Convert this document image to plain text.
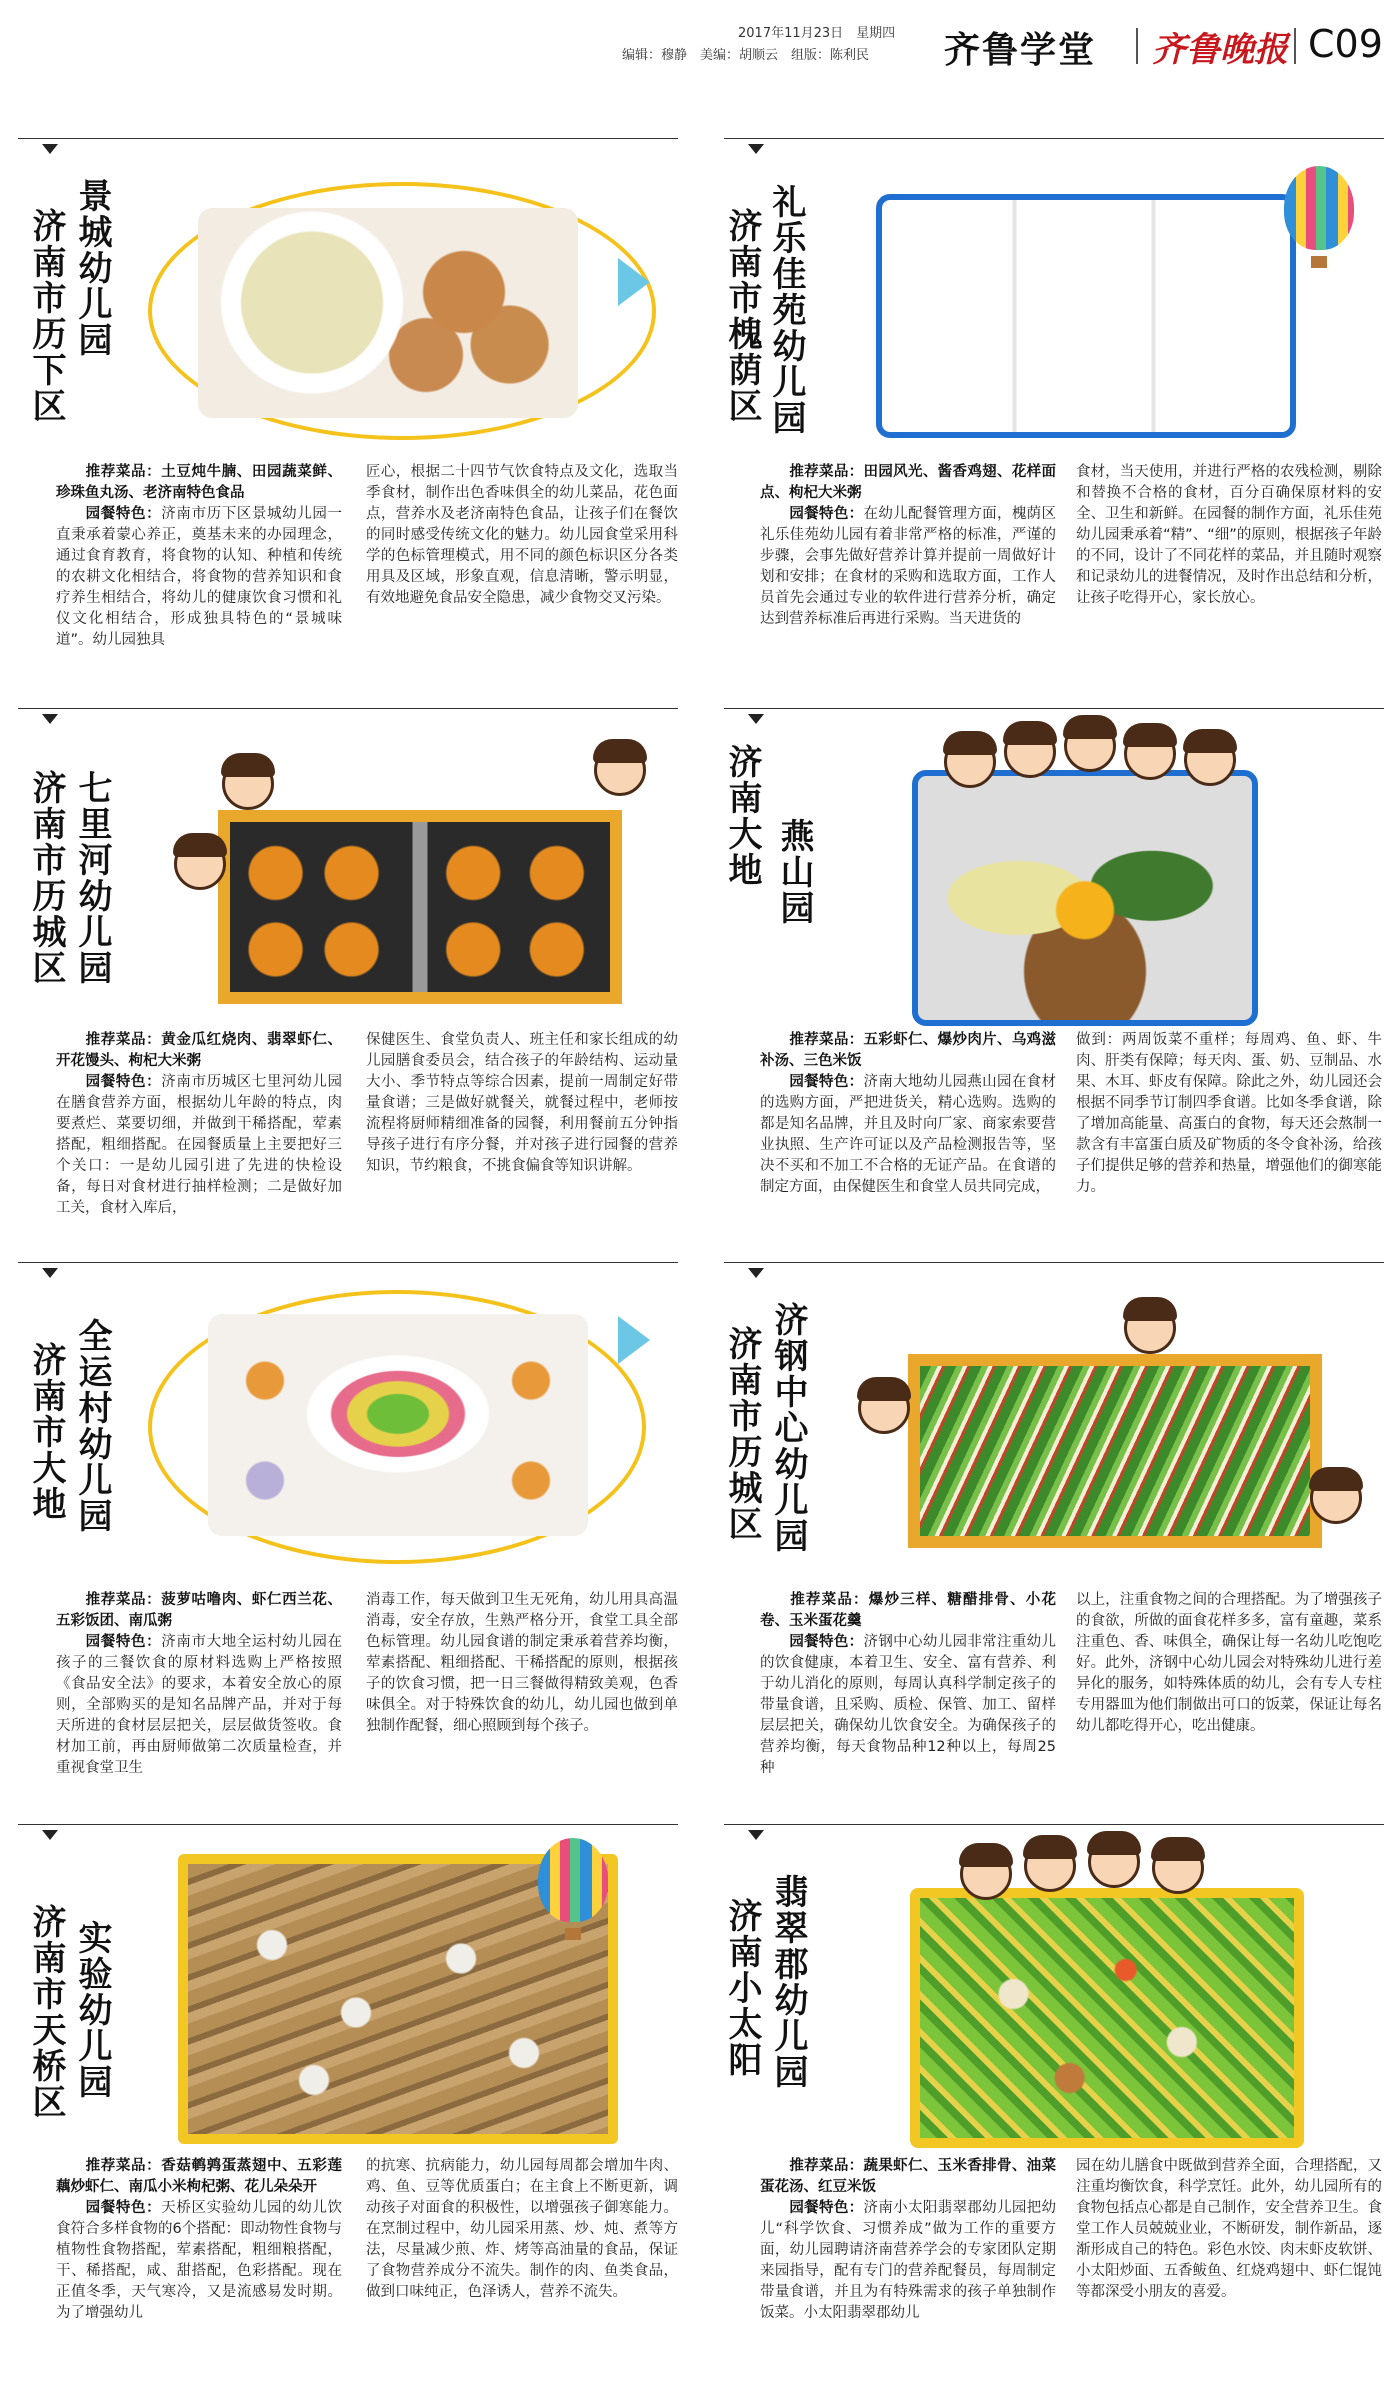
2017年11月23日　星期四
编辑：穆静　美编：胡顺云　组版：陈利民 齐鲁学堂 齐鲁晚报 C09
济南市历下区 景城幼儿园

推荐菜品：土豆炖牛腩、田园蔬菜鲜、珍珠鱼丸汤、老济南特色食品

园餐特色：济南市历下区景城幼儿园一直秉承着蒙心养正，奠基未来的办园理念，通过食育教育，将食物的认知、种植和传统的农耕文化相结合，将食物的营养知识和食疗养生相结合，将幼儿的健康饮食习惯和礼仪文化相结合，形成独具特色的“景城味道”。幼儿园独具

匠心，根据二十四节气饮食特点及文化，选取当季食材，制作出色香味俱全的幼儿菜品，花色面点，营养水及老济南特色食品，让孩子们在餐饮的同时感受传统文化的魅力。幼儿园食堂采用科学的色标管理模式，用不同的颜色标识区分各类用具及区域，形象直观，信息清晰，警示明显，有效地避免食品安全隐患，减少食物交叉污染。

济南市槐荫区 礼乐佳苑幼儿园

推荐菜品：田园风光、酱香鸡翅、花样面点、枸杞大米粥

园餐特色：在幼儿配餐管理方面，槐荫区礼乐佳苑幼儿园有着非常严格的标准，严谨的步骤，会事先做好营养计算并提前一周做好计划和安排；在食材的采购和选取方面，工作人员首先会通过专业的软件进行营养分析，确定达到营养标准后再进行采购。当天进货的

食材，当天使用，并进行严格的农残检测，剔除和替换不合格的食材，百分百确保原材料的安全、卫生和新鲜。在园餐的制作方面，礼乐佳苑幼儿园秉承着“精”、“细”的原则，根据孩子年龄的不同，设计了不同花样的菜品，并且随时观察和记录幼儿的进餐情况，及时作出总结和分析，让孩子吃得开心，家长放心。

济南市历城区 七里河幼儿园

推荐菜品：黄金瓜红烧肉、翡翠虾仁、开花馒头、枸杞大米粥

园餐特色：济南市历城区七里河幼儿园在膳食营养方面，根据幼儿年龄的特点，肉要煮烂、菜要切细，并做到干稀搭配，荤素搭配，粗细搭配。在园餐质量上主要把好三个关口：一是幼儿园引进了先进的快检设备，每日对食材进行抽样检测；二是做好加工关，食材入库后，

保健医生、食堂负责人、班主任和家长组成的幼儿园膳食委员会，结合孩子的年龄结构、运动量大小、季节特点等综合因素，提前一周制定好带量食谱；三是做好就餐关，就餐过程中，老师按流程将厨师精细准备的园餐，利用餐前五分钟指导孩子进行有序分餐，并对孩子进行园餐的营养知识，节约粮食，不挑食偏食等知识讲解。

济南大地 燕山园

推荐菜品：五彩虾仁、爆炒肉片、乌鸡滋补汤、三色米饭

园餐特色：济南大地幼儿园燕山园在食材的选购方面，严把进货关，精心选购。选购的都是知名品牌，并且及时向厂家、商家索要营业执照、生产许可证以及产品检测报告等，坚决不买和不加工不合格的无证产品。在食谱的制定方面，由保健医生和食堂人员共同完成，

做到：两周饭菜不重样；每周鸡、鱼、虾、牛肉、肝类有保障；每天肉、蛋、奶、豆制品、水果、木耳、虾皮有保障。除此之外，幼儿园还会根据不同季节订制四季食谱。比如冬季食谱，除了增加高能量、高蛋白的食物，每天还会熬制一款含有丰富蛋白质及矿物质的冬令食补汤，给孩子们提供足够的营养和热量，增强他们的御寒能力。

济南市大地 全运村幼儿园

推荐菜品：菠萝咕噜肉、虾仁西兰花、五彩饭团、南瓜粥

园餐特色：济南市大地全运村幼儿园在孩子的三餐饮食的原材料选购上严格按照《食品安全法》的要求，本着安全放心的原则，全部购买的是知名品牌产品，并对于每天所进的食材层层把关，层层做货签收。食材加工前，再由厨师做第二次质量检查，并重视食堂卫生

消毒工作，每天做到卫生无死角，幼儿用具高温消毒，安全存放，生熟严格分开，食堂工具全部色标管理。幼儿园食谱的制定秉承着营养均衡，荤素搭配、粗细搭配、干稀搭配的原则，根据孩子的饮食习惯，把一日三餐做得精致美观，色香味俱全。对于特殊饮食的幼儿，幼儿园也做到单独制作配餐，细心照顾到每个孩子。

济南市历城区 济钢中心幼儿园

推荐菜品：爆炒三样、糖醋排骨、小花卷、玉米蛋花羹

园餐特色：济钢中心幼儿园非常注重幼儿的饮食健康，本着卫生、安全、富有营养、利于幼儿消化的原则，每周认真科学制定孩子的带量食谱，且采购、质检、保管、加工、留样层层把关，确保幼儿饮食安全。为确保孩子的营养均衡，每天食物品种12种以上，每周25种

以上，注重食物之间的合理搭配。为了增强孩子的食欲，所做的面食花样多多，富有童趣，菜系注重色、香、味俱全，确保让每一名幼儿吃饱吃好。此外，济钢中心幼儿园会对特殊幼儿进行差异化的服务，如特殊体质的幼儿，会有专人专柱专用器皿为他们制做出可口的饭菜，保证让每名幼儿都吃得开心，吃出健康。

济南市天桥区 实验幼儿园

推荐菜品：香菇鹌鹑蛋蒸翅中、五彩莲藕炒虾仁、南瓜小米枸杞粥、花儿朵朵开

园餐特色：天桥区实验幼儿园的幼儿饮食符合多样食物的6个搭配：即动物性食物与植物性食物搭配，荤素搭配，粗细粮搭配，干、稀搭配，咸、甜搭配，色彩搭配。现在正值冬季，天气寒冷，又是流感易发时期。为了增强幼儿

的抗寒、抗病能力，幼儿园每周都会增加牛肉、鸡、鱼、豆等优质蛋白；在主食上不断更新，调动孩子对面食的积极性，以增强孩子御寒能力。在烹制过程中，幼儿园采用蒸、炒、炖、煮等方法，尽量减少煎、炸、烤等高油量的食品，保证了食物营养成分不流失。制作的肉、鱼类食品，做到口味纯正，色泽诱人，营养不流失。

济南小太阳 翡翠郡幼儿园

推荐菜品：蔬果虾仁、玉米香排骨、油菜蛋花汤、红豆米饭

园餐特色：济南小太阳翡翠郡幼儿园把幼儿“科学饮食、习惯养成”做为工作的重要方面，幼儿园聘请济南营养学会的专家团队定期来园指导，配有专门的营养配餐员，每周制定带量食谱，并且为有特殊需求的孩子单独制作饭菜。小太阳翡翠郡幼儿

园在幼儿膳食中既做到营养全面，合理搭配，又注重均衡饮食，科学烹饪。此外，幼儿园所有的食物包括点心都是自己制作，安全营养卫生。食堂工作人员兢兢业业，不断研发，制作新品，逐渐形成自己的特色。彩色水饺、肉末虾皮软饼、小太阳炒面、五香鲅鱼、红烧鸡翅中、虾仁馄饨等都深受小朋友的喜爱。
